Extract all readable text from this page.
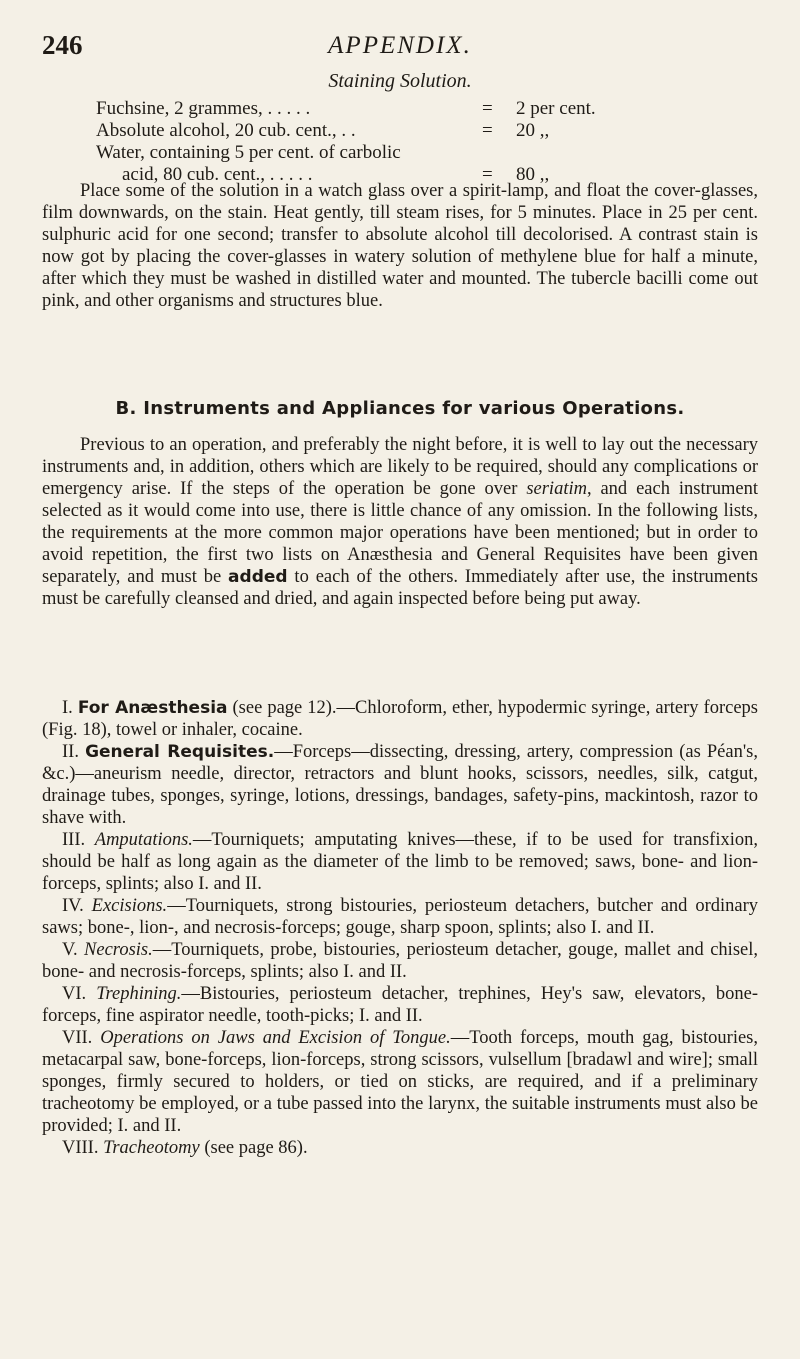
246	APPENDIX.
Staining Solution.
Fuchsine, 2 grammes, . . . . .	= 2 per cent.
Absolute alcohol, 20 cub. cent., . .	= 20 ,,
Water, containing 5 per cent. of carbolic
acid, 80 cub. cent., . . . . .	= 80 ,,

Place some of the solution in a watch glass over a spirit-lamp, and float the cover-glasses, film downwards, on the stain. Heat gently, till steam rises, for 5 minutes. Place in 25 per cent. sulphuric acid for one second; transfer to absolute alcohol till decolorised. A contrast stain is now got by placing the cover-glasses in watery solution of methylene blue for half a minute, after which they must be washed in distilled water and mounted. The tubercle bacilli come out pink, and other organisms and structures blue.

B. Instruments and Appliances for various Operations.

Previous to an operation, and preferably the night before, it is well to lay out the necessary instruments and, in addition, others which are likely to be required, should any complications or emergency arise. If the steps of the operation be gone over seriatim, and each instrument selected as it would come into use, there is little chance of any omission. In the following lists, the requirements at the more common major operations have been mentioned; but in order to avoid repetition, the first two lists on Anæsthesia and General Requisites have been given separately, and must be added to each of the others. Immediately after use, the instruments must be carefully cleansed and dried, and again inspected before being put away.

I. For Anæsthesia (see page 12).—Chloroform, ether, hypodermic syringe, artery forceps (Fig. 18), towel or inhaler, cocaine.
II. General Requisites.—Forceps—dissecting, dressing, artery, compression (as Péan's, &c.)—aneurism needle, director, retractors and blunt hooks, scissors, needles, silk, catgut, drainage tubes, sponges, syringe, lotions, dressings, bandages, safety-pins, mackintosh, razor to shave with.
III. Amputations.—Tourniquets; amputating knives—these, if to be used for transfixion, should be half as long again as the diameter of the limb to be removed; saws, bone- and lion-forceps, splints; also I. and II.
IV. Excisions.—Tourniquets, strong bistouries, periosteum detachers, butcher and ordinary saws; bone-, lion-, and necrosis-forceps; gouge, sharp spoon, splints; also I. and II.
V. Necrosis.—Tourniquets, probe, bistouries, periosteum detacher, gouge, mallet and chisel, bone- and necrosis-forceps, splints; also I. and II.
VI. Trephining.—Bistouries, periosteum detacher, trephines, Hey's saw, elevators, bone-forceps, fine aspirator needle, tooth-picks; I. and II.
VII. Operations on Jaws and Excision of Tongue.—Tooth forceps, mouth gag, bistouries, metacarpal saw, bone-forceps, lion-forceps, strong scissors, vulsellum [bradawl and wire]; small sponges, firmly secured to holders, or tied on sticks, are required, and if a preliminary tracheotomy be employed, or a tube passed into the larynx, the suitable instruments must also be provided; I. and II.
VIII. Tracheotomy (see page 86).
